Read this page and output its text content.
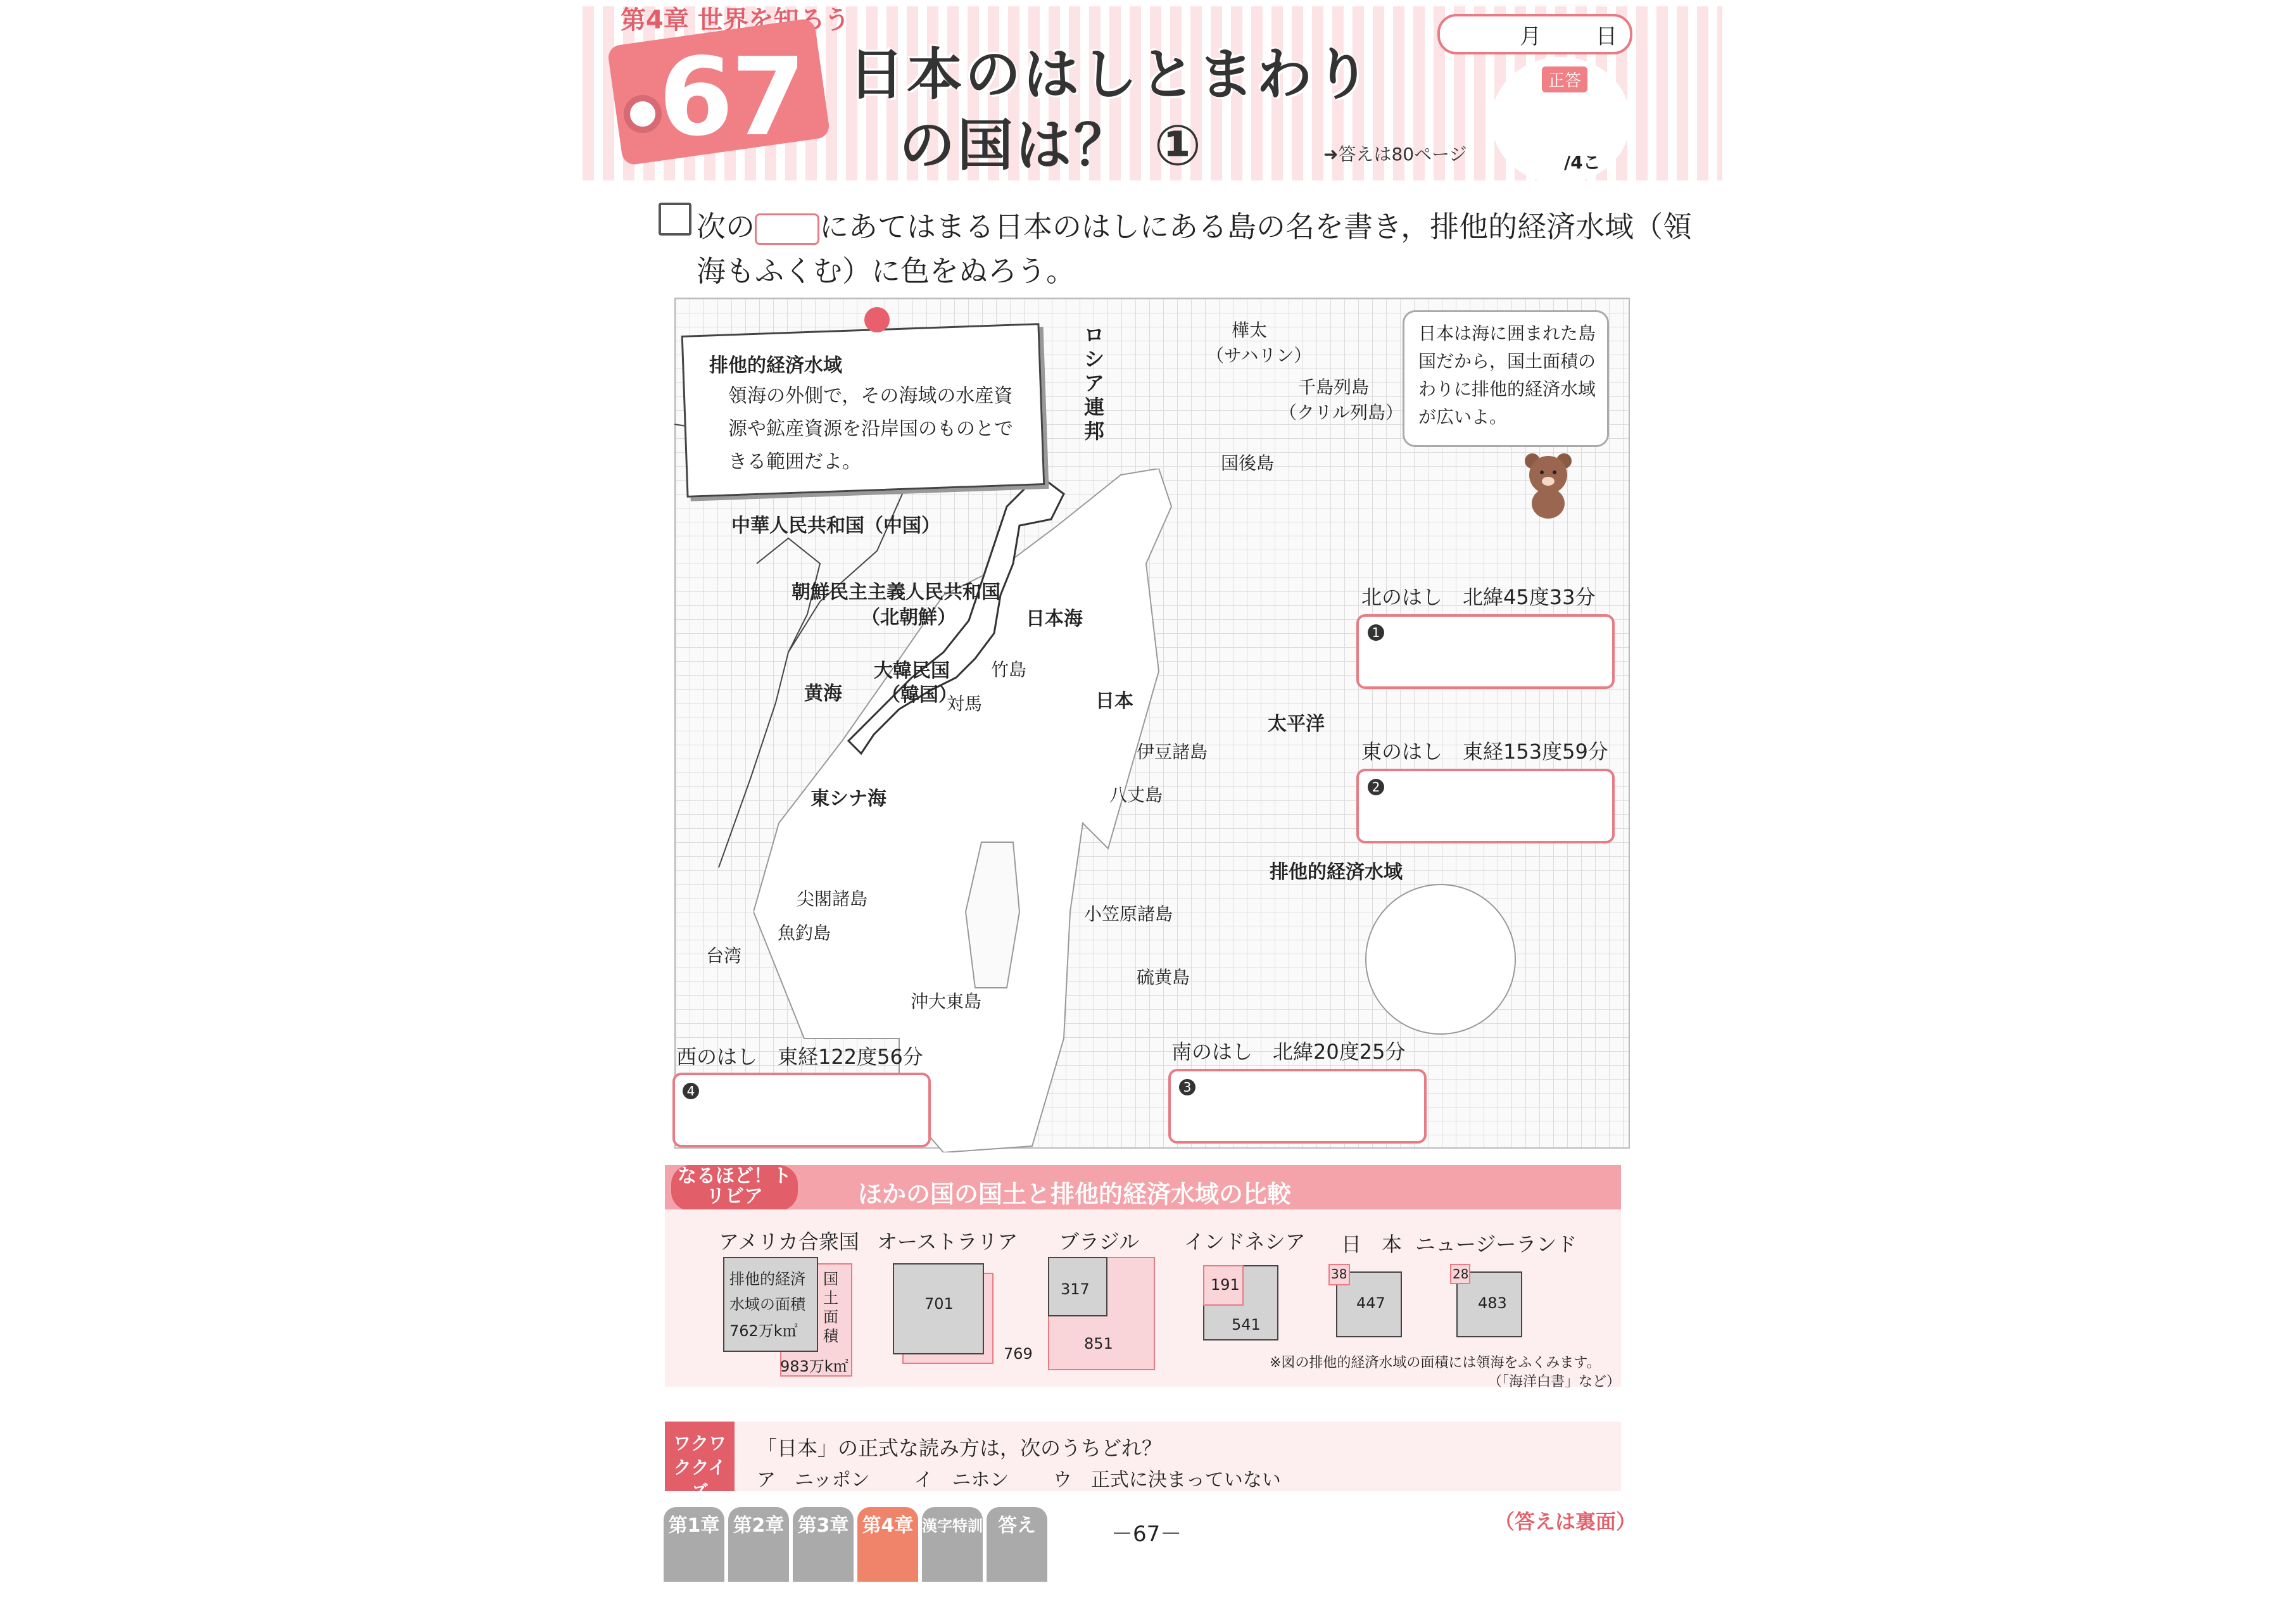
第4章 世界を知ろう
67 日本のはしとまわり
の国は？ ①	➜答えは80ページ
月	日
正答
/4こ
次の にあてはまる日本のはしにある島の名を書き，排他的経済水域（領
海もふくむ）に色をぬろう。
排他的経済水域
領海の外側で，その海域の水産資源や鉱産資源を沿岸国のものとできる範囲だよ。
日本は海に囲まれた島国だから，国土面積のわりに排他的経済水域が広いよ。
ロシア連邦
樺太
（サハリン）
千島列島
（クリル列島）
国後島
中華人民共和国（中国）
朝鮮民主主義人民共和国
（北朝鮮）	日本海
大韓民国
（韓国）
竹島
対馬
黄海	日本
太平洋
伊豆諸島
八丈島
東シナ海
排他的経済水域
尖閣諸島
魚釣島
台湾
小笠原諸島
硫黄島
沖大東島
北のはし　北緯45度33分
1
東のはし　東経153度59分
2
南のはし　北緯20度25分
3
西のはし　東経122度56分
4
なるほど！トリビア	ほかの国の国土と排他的経済水域の比較
アメリカ合衆国
排他的経済水域の面積
762万k㎡
国土面積
983万k㎡
オーストラリア
701
769
ブラジル
317
851
インドネシア
191
541
日　本
38
447
ニュージーランド
28
483
※図の排他的経済水域の面積には領海をふくみます。
（「海洋白書」など）
ワクワククイズ
「日本」の正式な読み方は，次のうちどれ？
ア　ニッポン イ　ニホン ウ　正式に決まっていない
第1章 第2章 第3章 第4章 漢字特訓 答え	－67－	（答えは裏面）
